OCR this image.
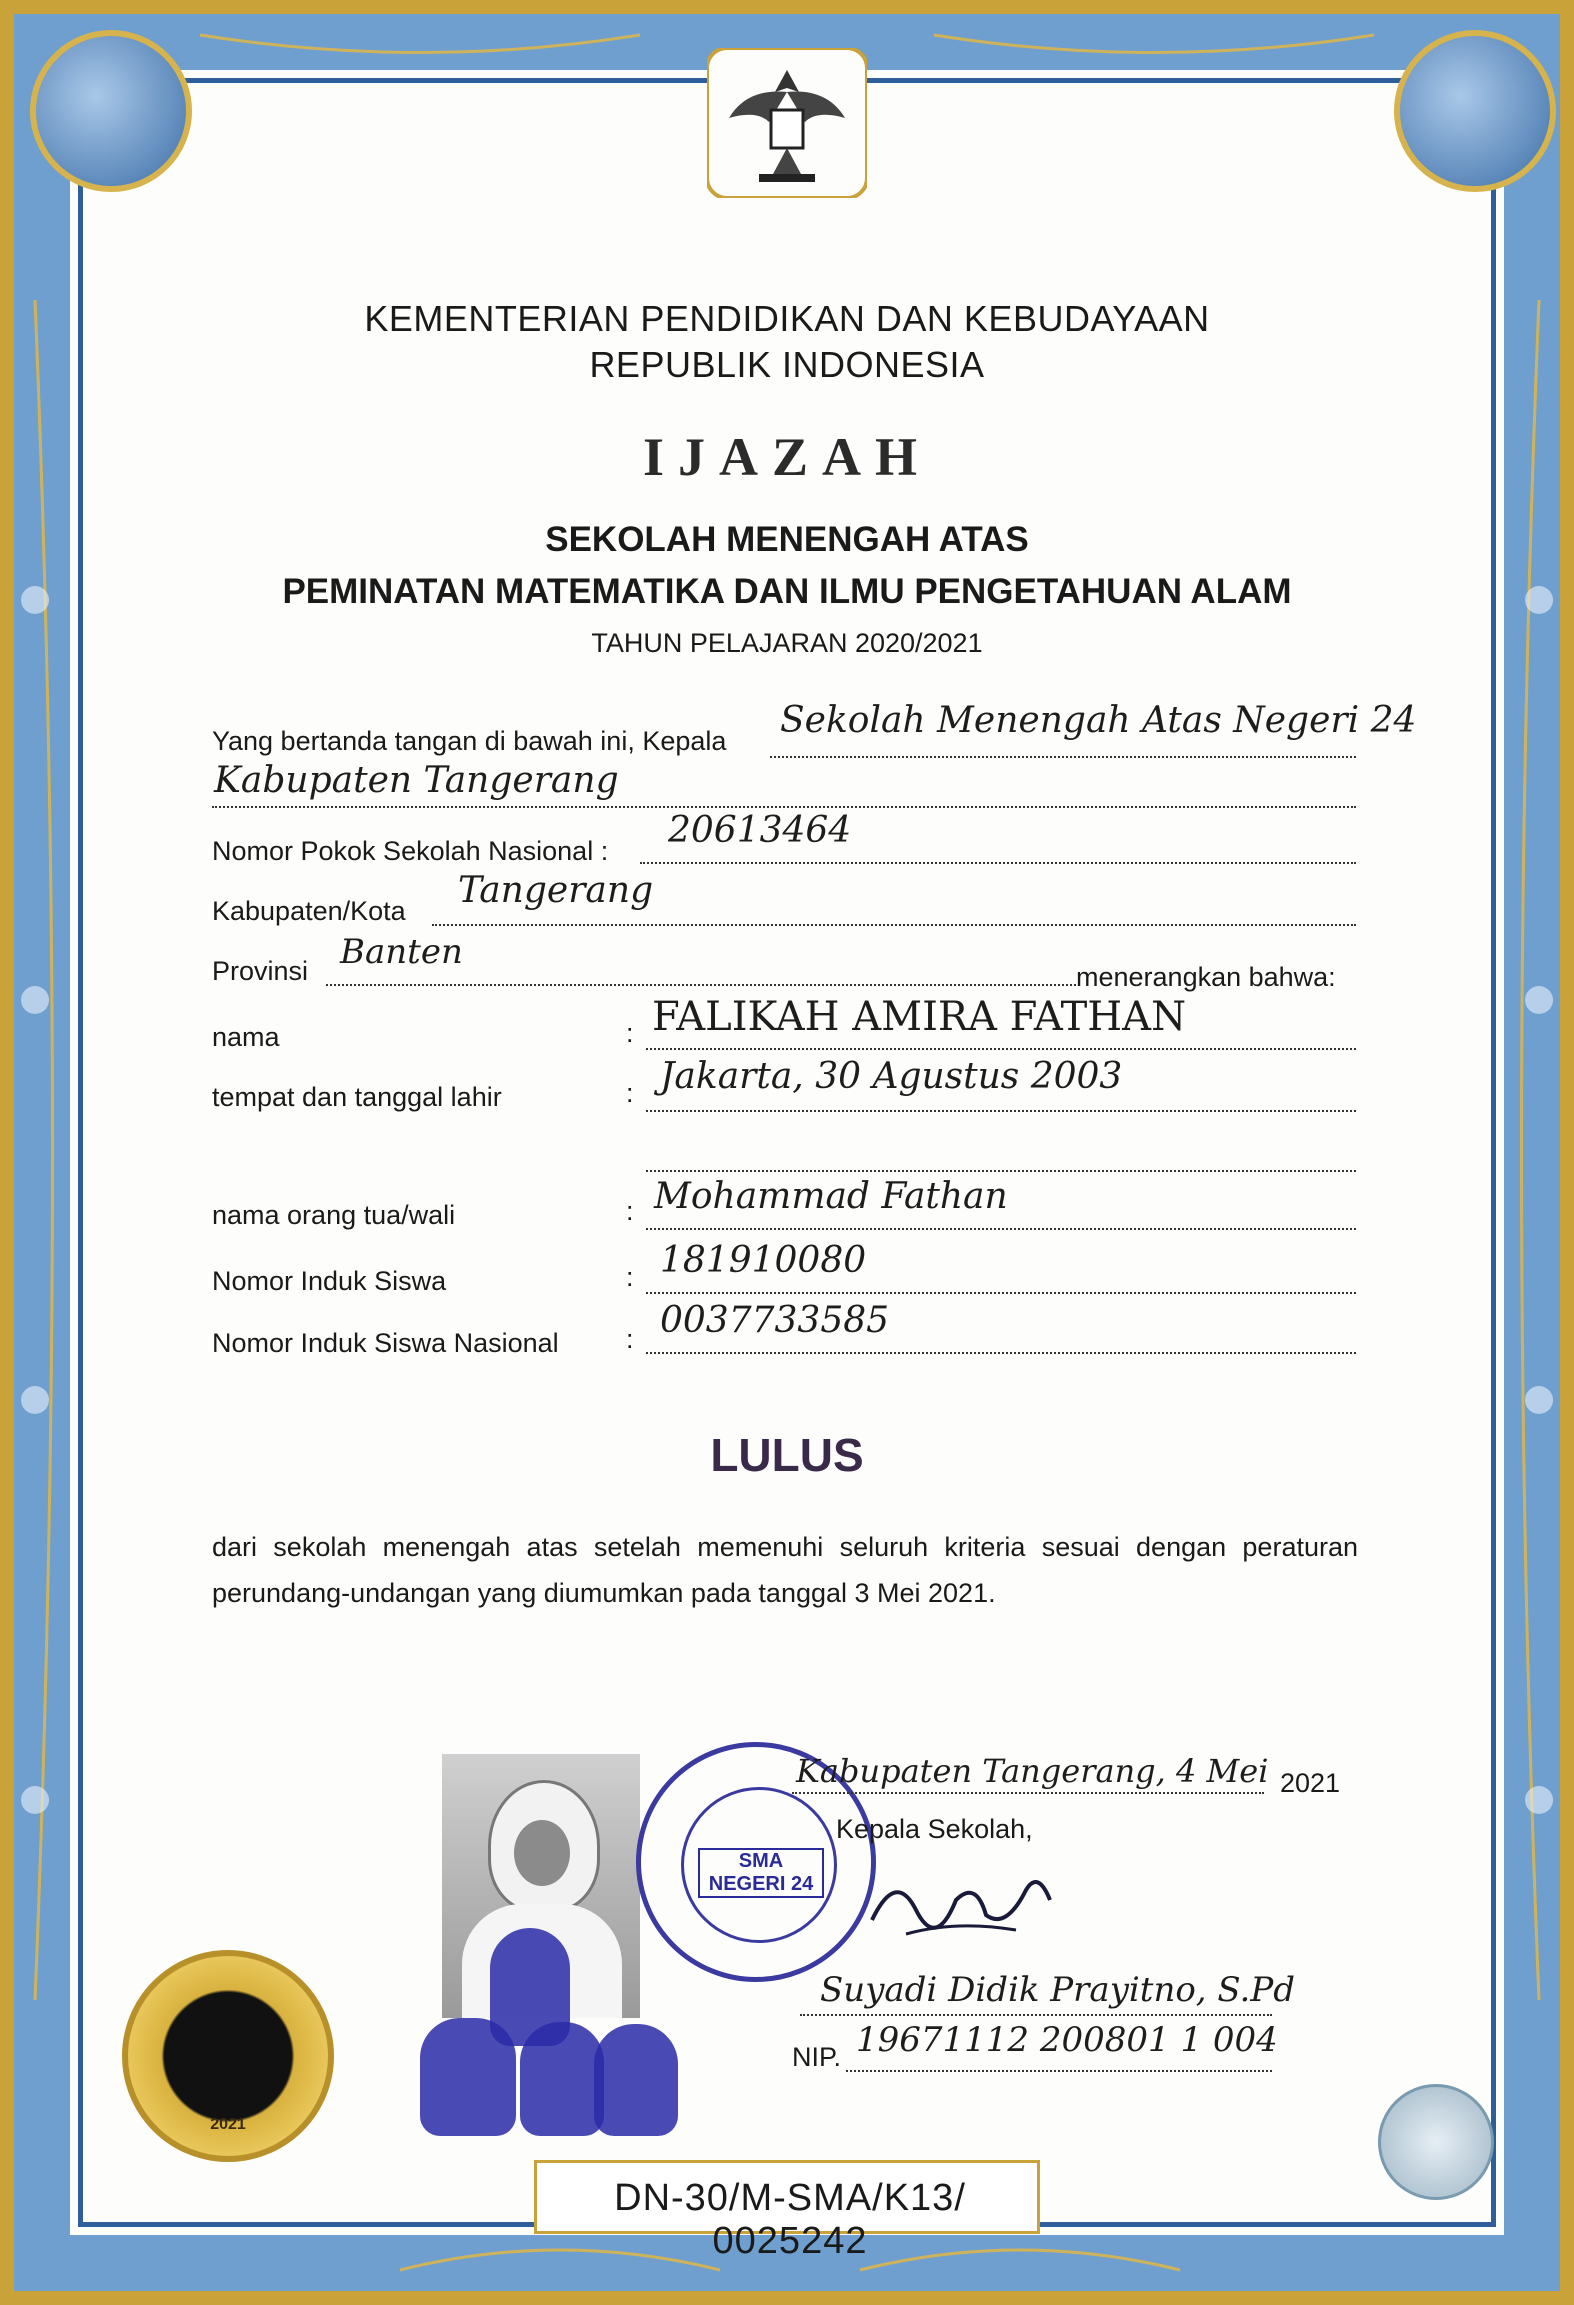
KEMENTERIAN PENDIDIKAN DAN KEBUDAYAAN
REPUBLIK INDONESIA
IJAZAH
SEKOLAH MENENGAH ATAS
PEMINATAN MATEMATIKA DAN ILMU PENGETAHUAN ALAM
TAHUN PELAJARAN 2020/2021
Yang bertanda tangan di bawah ini, Kepala Sekolah Menengah Atas Negeri 24
Kabupaten Tangerang
Nomor Pokok Sekolah Nasional : 20613464
Kabupaten/Kota Tangerang
Provinsi Banten
menerangkan bahwa:
nama	: FALIKAH AMIRA FATHAN
tempat dan tanggal lahir	: Jakarta, 30 Agustus 2003
nama orang tua/wali	: Mohammad Fathan
Nomor Induk Siswa	: 181910080
Nomor Induk Siswa Nasional : 0037733585
LULUS
dari sekolah menengah atas setelah memenuhi seluruh kriteria sesuai dengan peraturan perundang-undangan yang diumumkan pada tanggal 3 Mei 2021.
SMA NEGERI 24
Kabupaten Tangerang, 4 Mei 2021
Kepala Sekolah,
Suyadi Didik Prayitno, S.Pd
NIP. 19671112 200801 1 004
2021
DN-30/M-SMA/K13/ 0025242
